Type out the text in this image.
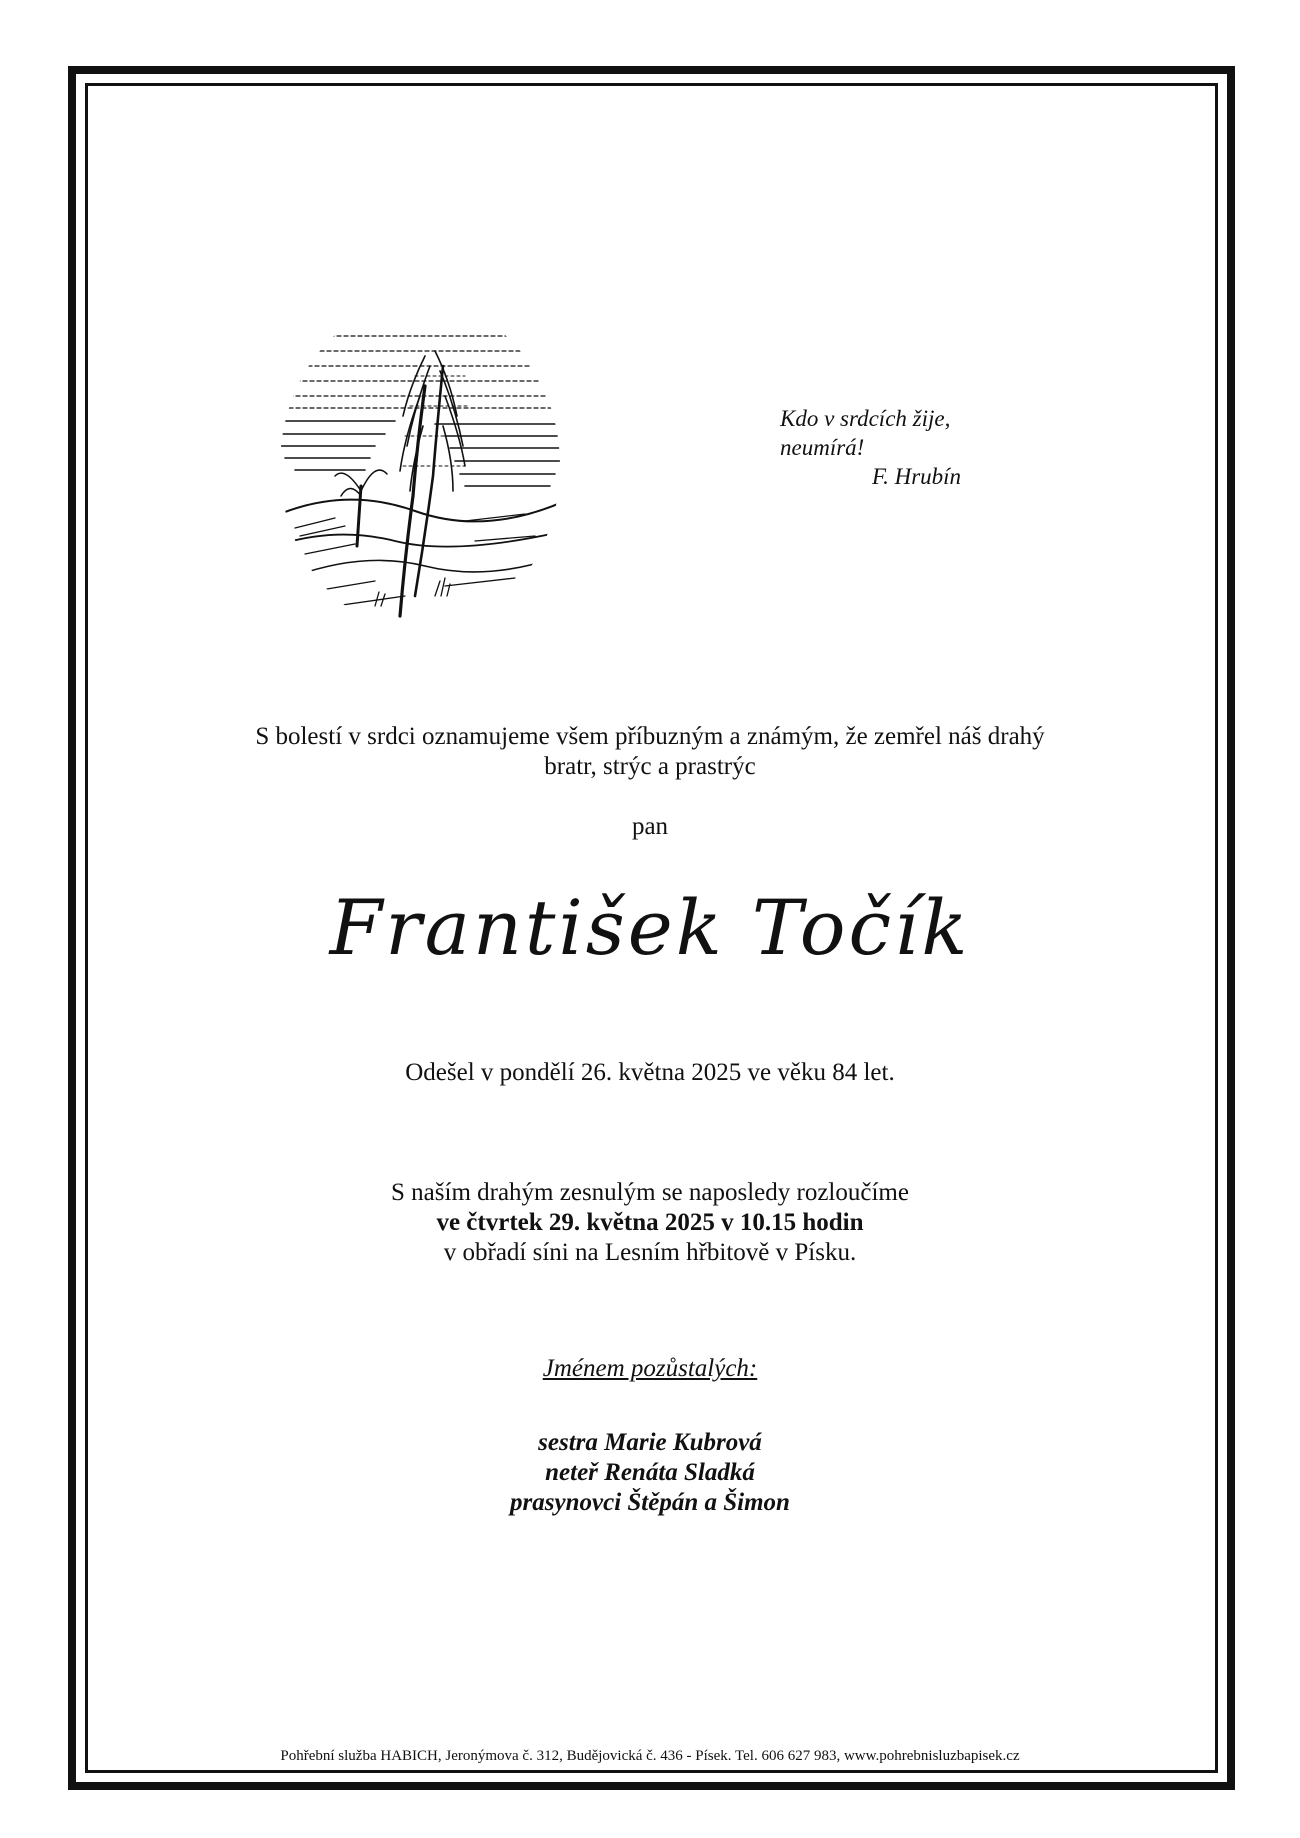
Kdo v srdcích žije,
neumírá!
F. Hrubín
S bolestí v srdci oznamujeme všem příbuzným a známým, že zemřel náš drahý
bratr, strýc a prastrýc
pan
František Točík
Odešel v pondělí 26. května 2025 ve věku 84 let.
S naším drahým zesnulým se naposledy rozloučíme
ve čtvrtek 29. května 2025 v 10.15 hodin
v obřadí síni na Lesním hřbitově v Písku.
Jménem pozůstalých:
sestra Marie Kubrová
neteř Renáta Sladká
prasynovci Štěpán a Šimon
Pohřební služba HABICH, Jeronýmova č. 312, Budějovická č. 436 - Písek. Tel. 606 627 983, www.pohrebnisluzbapisek.cz
